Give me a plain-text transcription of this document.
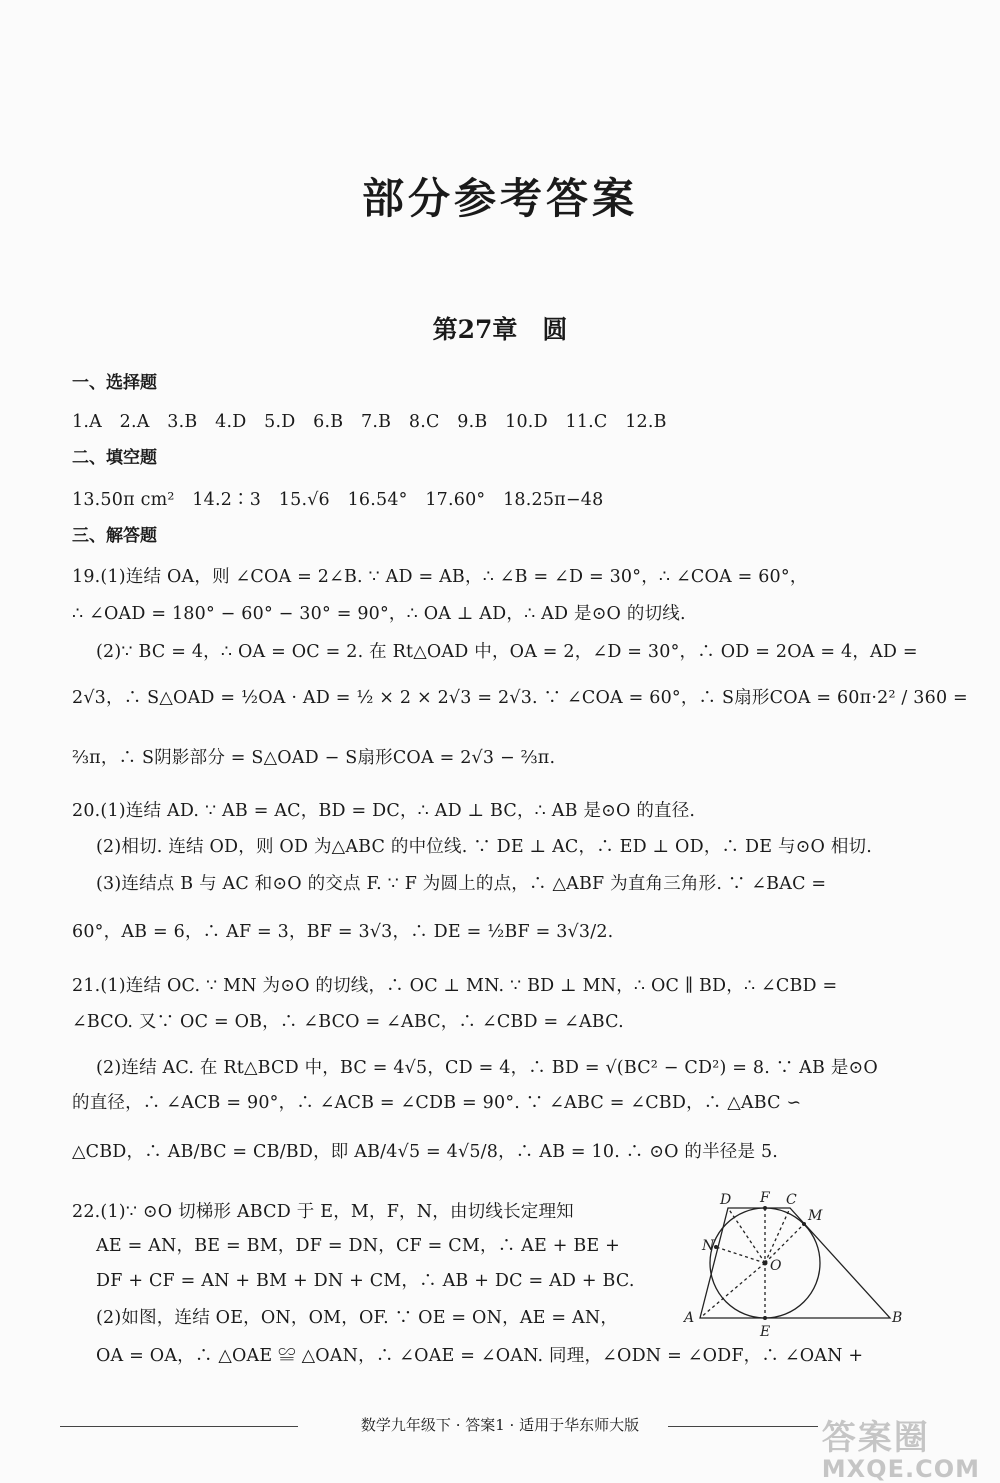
部分参考答案
第27章　圆
一、选择题
1.A　2.A　3.B　4.D　5.D　6.B　7.B　8.C　9.B　10.D　11.C　12.B
二、填空题
13.50π cm²　14.2∶3　15.√6　16.54°　17.60°　18.25π−48
三、解答题
19.(1)连结 OA，则 ∠COA = 2∠B. ∵ AD = AB，∴ ∠B = ∠D = 30°，∴ ∠COA = 60°，
∴ ∠OAD = 180° − 60° − 30° = 90°，∴ OA ⊥ AD，∴ AD 是⊙O 的切线.
(2)∵ BC = 4，∴ OA = OC = 2. 在 Rt△OAD 中，OA = 2，∠D = 30°，∴ OD = 2OA = 4，AD =
2√3，∴ S△OAD = ½OA · AD = ½ × 2 × 2√3 = 2√3. ∵ ∠COA = 60°，∴ S扇形COA = 60π·2² / 360 =
⅔π，∴ S阴影部分 = S△OAD − S扇形COA = 2√3 − ⅔π.
20.(1)连结 AD. ∵ AB = AC，BD = DC，∴ AD ⊥ BC，∴ AB 是⊙O 的直径.
(2)相切. 连结 OD，则 OD 为△ABC 的中位线. ∵ DE ⊥ AC，∴ ED ⊥ OD，∴ DE 与⊙O 相切.
(3)连结点 B 与 AC 和⊙O 的交点 F. ∵ F 为圆上的点，∴ △ABF 为直角三角形. ∵ ∠BAC =
60°，AB = 6，∴ AF = 3，BF = 3√3，∴ DE = ½BF = 3√3/2.
21.(1)连结 OC. ∵ MN 为⊙O 的切线，∴ OC ⊥ MN. ∵ BD ⊥ MN，∴ OC ∥ BD，∴ ∠CBD =
∠BCO. 又∵ OC = OB，∴ ∠BCO = ∠ABC，∴ ∠CBD = ∠ABC.
(2)连结 AC. 在 Rt△BCD 中，BC = 4√5，CD = 4，∴ BD = √(BC² − CD²) = 8. ∵ AB 是⊙O
的直径，∴ ∠ACB = 90°，∴ ∠ACB = ∠CDB = 90°. ∵ ∠ABC = ∠CBD，∴ △ABC ∽
△CBD，∴ AB/BC = CB/BD，即 AB/4√5 = 4√5/8，∴ AB = 10. ∴ ⊙O 的半径是 5.
22.(1)∵ ⊙O 切梯形 ABCD 于 E，M，F，N，由切线长定理知
AE = AN，BE = BM，DF = DN，CF = CM，∴ AE + BE +
DF + CF = AN + BM + DN + CM，∴ AB + DC = AD + BC.
(2)如图，连结 OE，ON，OM，OF. ∵ OE = ON，AE = AN，
OA = OA，∴ △OAE ≌ △OAN，∴ ∠OAE = ∠OAN. 同理，∠ODN = ∠ODF，∴ ∠OAN +
D F C
M
N
O
A
E
B
数学九年级下 · 答案1 · 适用于华东师大版	答案圈
MXQE.COM
